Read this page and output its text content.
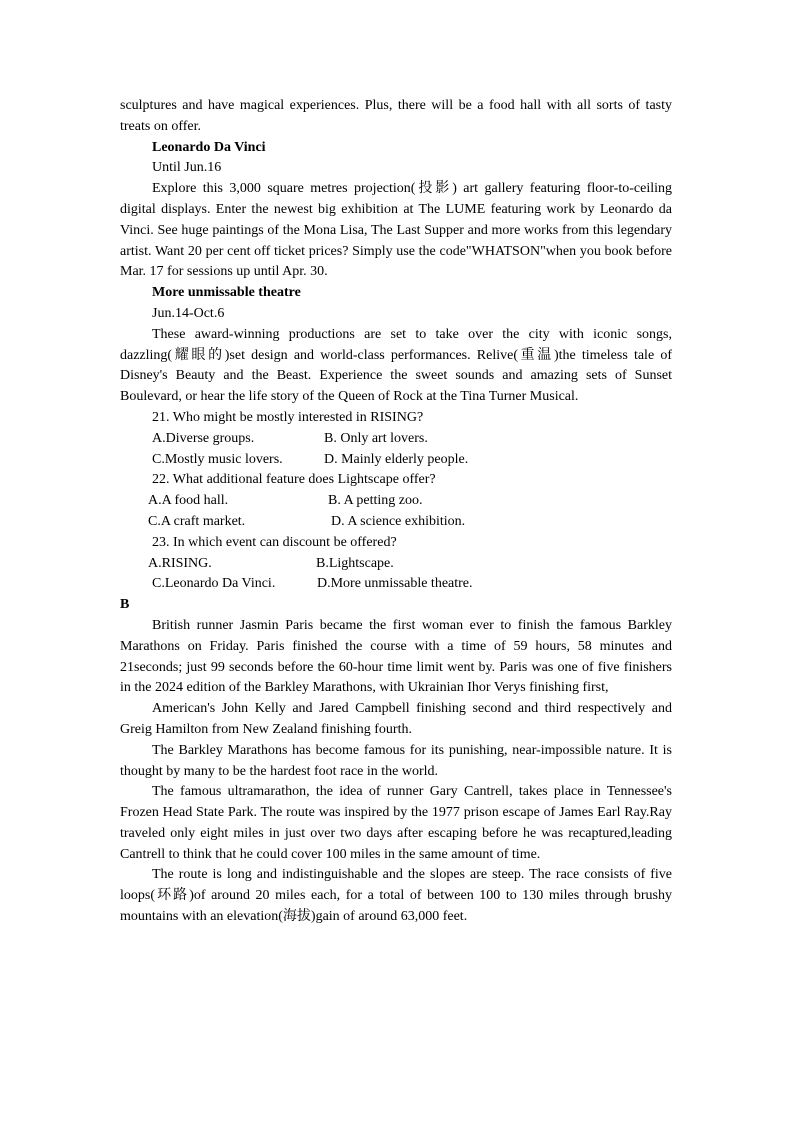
sculptures and have magical experiences. Plus, there will be a food hall with all sorts of tasty treats on offer.

Leonardo Da Vinci

Until Jun.16

Explore this 3,000 square metres projection(投影) art gallery featuring floor-to-ceiling digital displays. Enter the newest big exhibition at The LUME featuring work by Leonardo da Vinci. See huge paintings of the Mona Lisa, The Last Supper and more works from this legendary artist. Want 20 per cent off ticket prices? Simply use the code"WHATSON"when you book before Mar. 17 for sessions up until Apr. 30.

More unmissable theatre

Jun.14-Oct.6

These award-winning productions are set to take over the city with iconic songs, dazzling(耀眼的)set design and world-class performances. Relive(重温)the timeless tale of Disney's Beauty and the Beast. Experience the sweet sounds and amazing sets of Sunset Boulevard, or hear the life story of the Queen of Rock at the Tina Turner Musical.

21. Who might be mostly interested in RISING?

A.Diverse groups.	B. Only art lovers.
C.Mostly music lovers.	D. Mainly elderly people.

22. What additional feature does Lightscape offer?

A.A food hall.	B. A petting zoo.
C.A craft market.	D. A science exhibition.

23. In which event can discount be offered?

A.RISING.	B.Lightscape.
C.Leonardo Da Vinci.	D.More unmissable theatre.

B

British runner Jasmin Paris became the first woman ever to finish the famous Barkley Marathons on Friday. Paris finished the course with a time of 59 hours, 58 minutes and 21seconds; just 99 seconds before the 60-hour time limit went by. Paris was one of five finishers in the 2024 edition of the Barkley Marathons, with Ukrainian Ihor Verys finishing first,

American's John Kelly and Jared Campbell finishing second and third respectively and Greig Hamilton from New Zealand finishing fourth.

The Barkley Marathons has become famous for its punishing, near-impossible nature. It is thought by many to be the hardest foot race in the world.

The famous ultramarathon, the idea of runner Gary Cantrell, takes place in Tennessee's Frozen Head State Park. The route was inspired by the 1977 prison escape of James Earl Ray.Ray traveled only eight miles in just over two days after escaping before he was recaptured,leading Cantrell to think that he could cover 100 miles in the same amount of time.

The route is long and indistinguishable and the slopes are steep. The race consists of five loops(环路)of around 20 miles each, for a total of between 100 to 130 miles through brushy mountains with an elevation(海拔)gain of around 63,000 feet.
